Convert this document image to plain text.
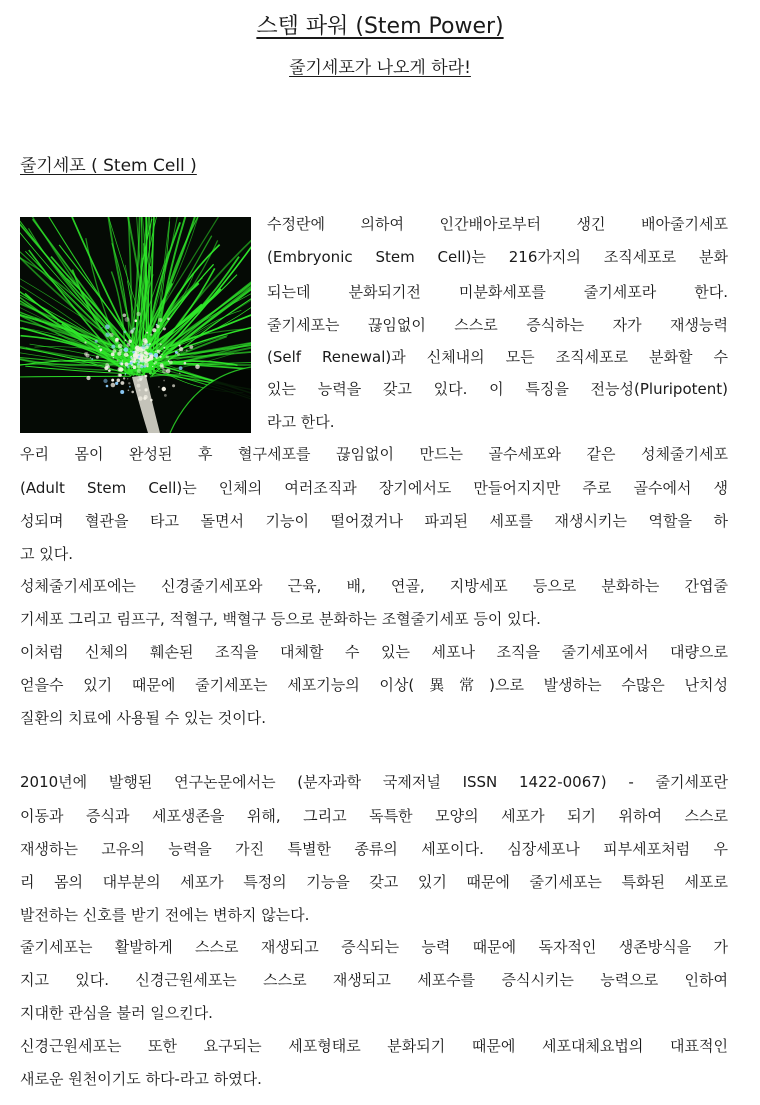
스템 파워 (Stem Power)
줄기세포가 나오게 하라!
줄기세포 ( Stem Cell )
수정란에 의하여 인간배아로부터 생긴 배아줄기세포
(Embryonic Stem Cell)는 216가지의 조직세포로 분화
되는데 분화되기전 미분화세포를 줄기세포라 한다.
줄기세포는 끊임없이 스스로 증식하는 자가 재생능력
(Self Renewal)과 신체내의 모든 조직세포로 분화할 수
있는 능력을 갖고 있다. 이 특징을 전능성(Pluripotent)
라고 한다.
우리 몸이 완성된 후 혈구세포를 끊임없이 만드는 골수세포와 같은 성체줄기세포
(Adult Stem Cell)는 인체의 여러조직과 장기에서도 만들어지지만 주로 골수에서 생
성되며 혈관을 타고 돌면서 기능이 떨어졌거나 파괴된 세포를 재생시키는 역할을 하
고 있다.
성체줄기세포에는 신경줄기세포와 근육, 배, 연골, 지방세포 등으로 분화하는 간엽줄
기세포 그리고 림프구, 적혈구, 백혈구 등으로 분화하는 조혈줄기세포 등이 있다.
이처럼 신체의 훼손된 조직을 대체할 수 있는 세포나 조직을 줄기세포에서 대량으로
얻을수 있기 때문에 줄기세포는 세포기능의 이상(異常)으로 발생하는 수많은 난치성
질환의 치료에 사용될 수 있는 것이다.
2010년에 발행된 연구논문에서는 (분자과학 국제저널 ISSN 1422-0067) - 줄기세포란
이동과 증식과 세포생존을 위해, 그리고 독특한 모양의 세포가 되기 위하여 스스로
재생하는 고유의 능력을 가진 특별한 종류의 세포이다. 심장세포나 피부세포처럼 우
리 몸의 대부분의 세포가 특정의 기능을 갖고 있기 때문에 줄기세포는 특화된 세포로
발전하는 신호를 받기 전에는 변하지 않는다.
줄기세포는 활발하게 스스로 재생되고 증식되는 능력 때문에 독자적인 생존방식을 가
지고 있다. 신경근원세포는 스스로 재생되고 세포수를 증식시키는 능력으로 인하여
지대한 관심을 불러 일으킨다.
신경근원세포는 또한 요구되는 세포형태로 분화되기 때문에 세포대체요법의 대표적인
새로운 원천이기도 하다-라고 하였다.
